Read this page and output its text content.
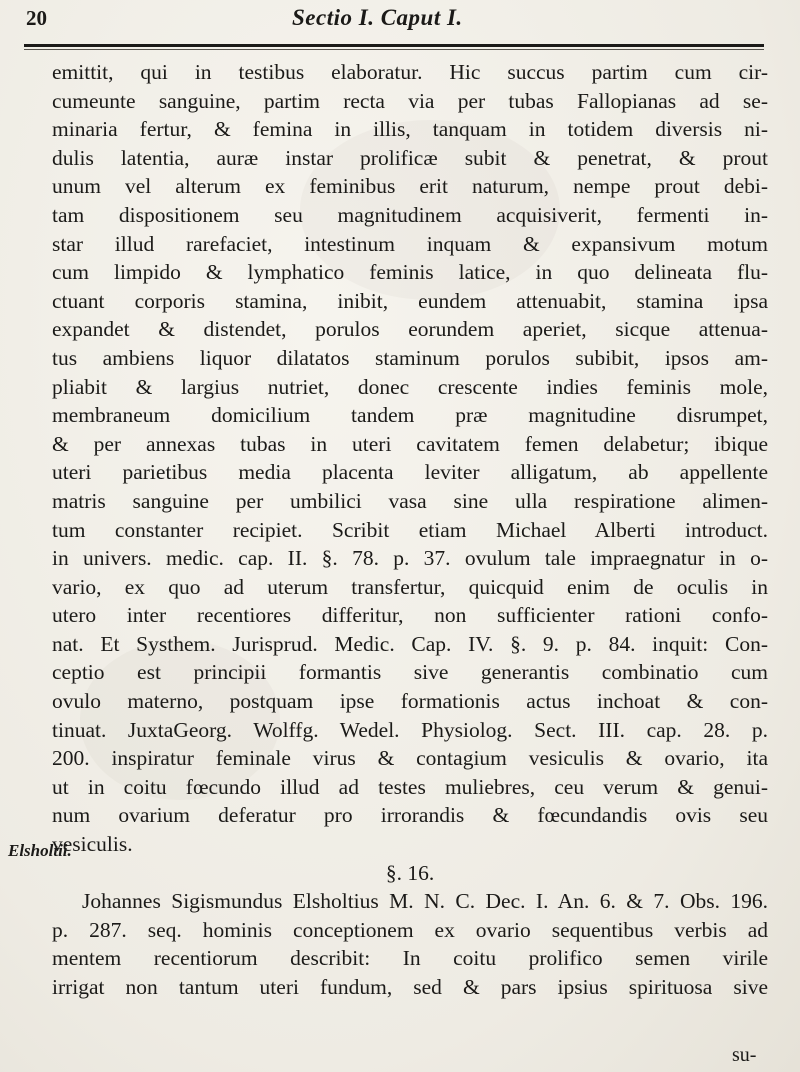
20	Sectio I. Caput I.
emittit, qui in testibus elaboratur. Hic succus partim cum cir-
cumeunte sanguine, partim recta via per tubas Fallopianas ad se-
minaria fertur, & femina in illis, tanquam in totidem diversis ni-
dulis latentia, auræ instar prolificæ subit & penetrat, & prout
unum vel alterum ex feminibus erit naturum, nempe prout debi-
tam dispositionem seu magnitudinem acquisiverit, fermenti in-
star illud rarefaciet, intestinum inquam & expansivum motum
cum limpido & lymphatico feminis latice, in quo delineata flu-
ctuant corporis stamina, inibit, eundem attenuabit, stamina ipsa
expandet & distendet, porulos eorundem aperiet, sicque attenua-
tus ambiens liquor dilatatos staminum porulos subibit, ipsos am-
pliabit & largius nutriet, donec crescente indies feminis mole,
membraneum domicilium tandem præ magnitudine disrumpet,
& per annexas tubas in uteri cavitatem femen delabetur; ibique
uteri parietibus media placenta leviter alligatum, ab appellente
matris sanguine per umbilici vasa sine ulla respiratione alimen-
tum constanter recipiet. Scribit etiam Michael Alberti introduct.
in univers. medic. cap. II. §. 78. p. 37. ovulum tale impraegnatur in o-
vario, ex quo ad uterum transfertur, quicquid enim de oculis in
utero inter recentiores differitur, non sufficienter rationi confo-
nat. Et Systhem. Jurisprud. Medic. Cap. IV. §. 9. p. 84. inquit: Con-
ceptio est principii formantis sive generantis combinatio cum
ovulo materno, postquam ipse formationis actus inchoat & con-
tinuat. JuxtaGeorg. Wolffg. Wedel. Physiolog. Sect. III. cap. 28. p.
200. inspiratur feminale virus & contagium vesiculis & ovario, ita
ut in coitu fœcundo illud ad testes muliebres, ceu verum & genui-
num ovarium deferatur pro irrorandis & fœcundandis ovis seu
vesiculis.
§. 16.
Johannes Sigismundus Elsholtius M. N. C. Dec. I. An. 6. & 7. Obs. 196.
p. 287. seq. hominis conceptionem ex ovario sequentibus verbis ad
mentem recentiorum describit: In coitu prolifico semen virile
irrigat non tantum uteri fundum, sed & pars ipsius spirituosa sive
Elsholtii.
su-
